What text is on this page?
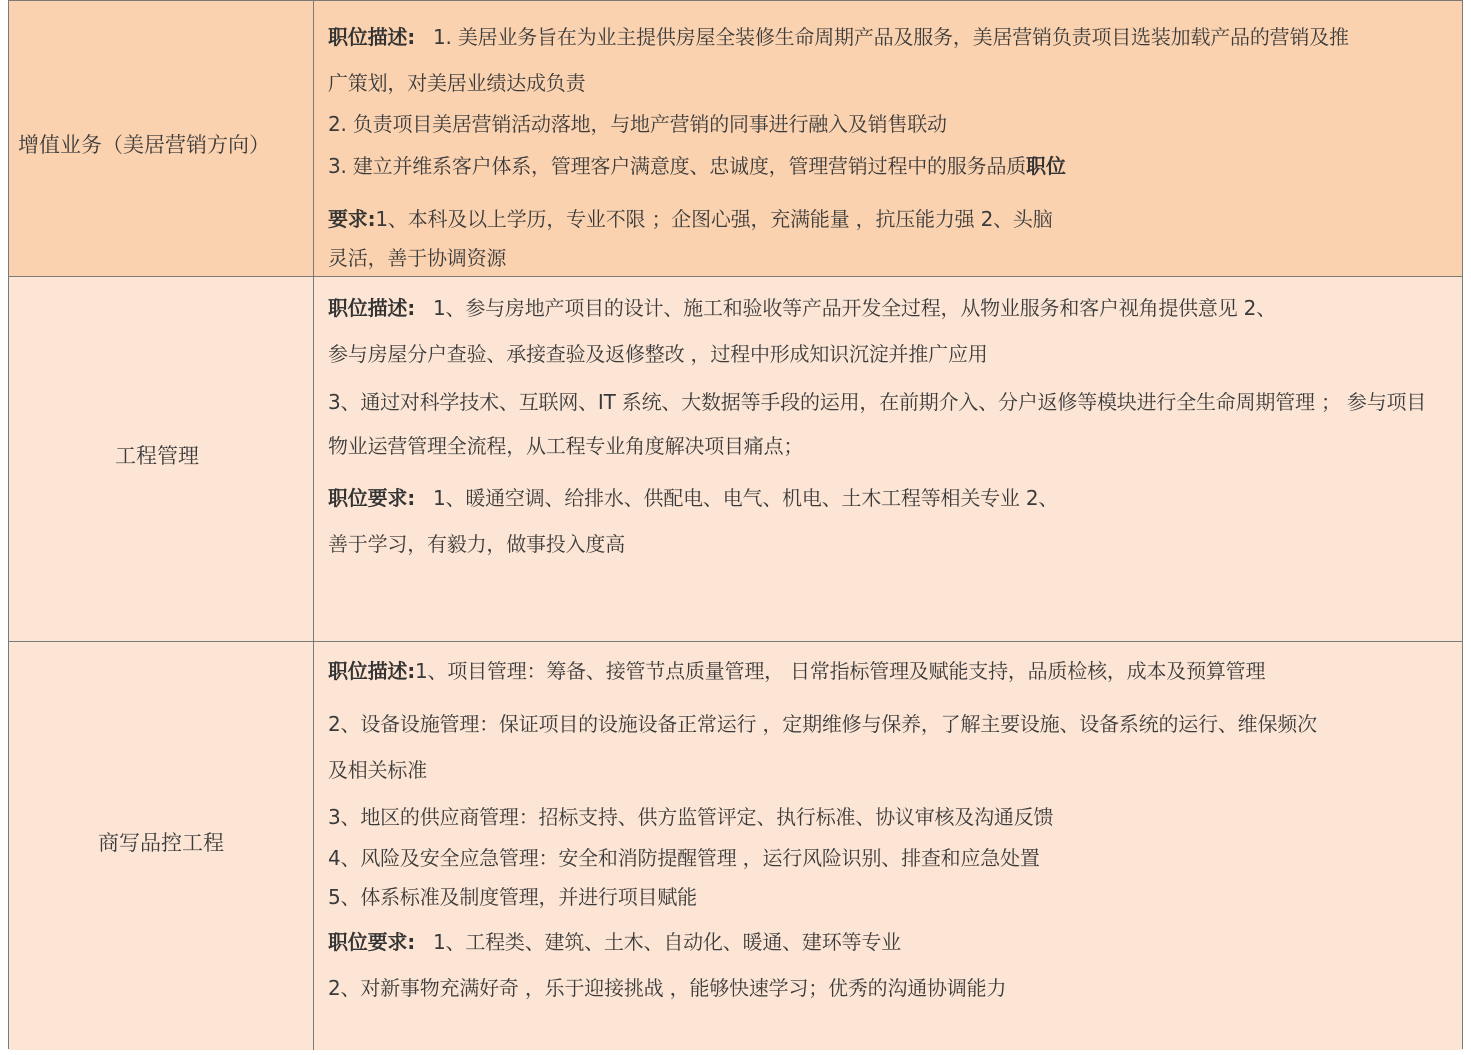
增值业务（美居营销方向）
职位描述: 1. 美居业务旨在为业主提供房屋全装修生命周期产品及服务，美居营销负责项目选装加载产品的营销及推
广策划，对美居业绩达成负责
2. 负责项目美居营销活动落地，与地产营销的同事进行融入及销售联动
3. 建立并维系客户体系，管理客户满意度、忠诚度，管理营销过程中的服务品质职位
要求:1、本科及以上学历，专业不限 ；企图心强，充满能量 ，抗压能力强 2、头脑
灵活，善于协调资源
工程管理
职位描述: 1、参与房地产项目的设计、施工和验收等产品开发全过程，从物业服务和客户视角提供意见 2、
参与房屋分户查验、承接查验及返修整改 ，过程中形成知识沉淀并推广应用
3、通过对科学技术、互联网、IT 系统、大数据等手段的运用，在前期介入、分户返修等模块进行全生命周期管理 ； 参与项目
物业运营管理全流程，从工程专业角度解决项目痛点；
职位要求: 1、暖通空调、给排水、供配电、电气、机电、土木工程等相关专业 2、
善于学习，有毅力，做事投入度高
商写品控工程
职位描述:1、项目管理：筹备、接管节点质量管理， 日常指标管理及赋能支持，品质检核，成本及预算管理
2、设备设施管理：保证项目的设施设备正常运行 ，定期维修与保养，了解主要设施、设备系统的运行、维保频次
及相关标准
3、地区的供应商管理：招标支持、供方监管评定、执行标准、协议审核及沟通反馈
4、风险及安全应急管理：安全和消防提醒管理 ，运行风险识别、排查和应急处置
5、体系标准及制度管理，并进行项目赋能
职位要求: 1、工程类、建筑、土木、自动化、暖通、建环等专业
2、对新事物充满好奇 ，乐于迎接挑战 ，能够快速学习；优秀的沟通协调能力
